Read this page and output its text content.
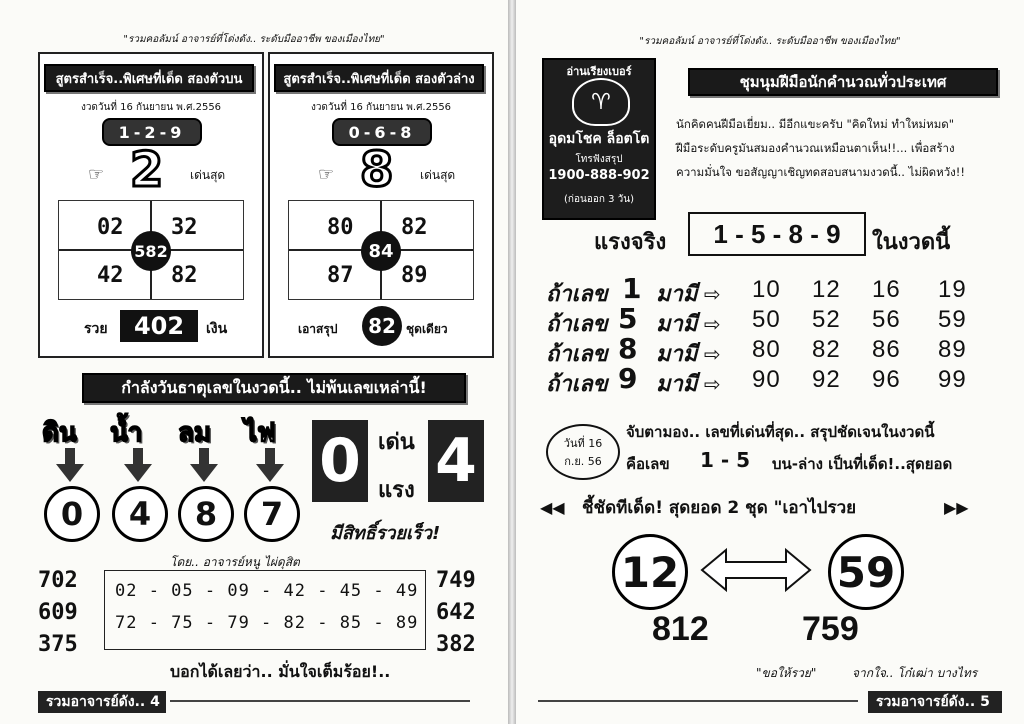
"รวมคอลัมน์ อาจารย์ที่โด่งดัง.. ระดับมืออาชีพ ของเมืองไทย"
สูตรสำเร็จ..พิเศษที่เด็ด สองตัวบน
งวดวันที่ 16 กันยายน พ.ศ.2556
1-2-9
☞ 2 เด่นสุด
02 32
42 82
582
รวย	402	เงิน
สูตรสำเร็จ..พิเศษที่เด็ด สองตัวล่าง
งวดวันที่ 16 กันยายน พ.ศ.2556
0-6-8
☞ 8 เด่นสุด
80 82
87 89
84
เอาสรุป	82 ชุดเดียว
กำลังวันธาตุเลขในงวดนี้.. ไม่พ้นเลขเหล่านี้!
ดิน น้ำ ลม ไฟ
0	4	8	7
0 เด่น
แรง 4
มีสิทธิ์รวยเร็ว!
โดย.. อาจารย์หนู ไผ่ดุสิต
702
609
375
02 - 05 - 09 - 42 - 45 - 49
72 - 75 - 79 - 82 - 85 - 89
749
642
382
บอกได้เลยว่า.. มั่นใจเต็มร้อย!..
รวมอาจารย์ดัง.. 4
"รวมคอลัมน์ อาจารย์ที่โด่งดัง.. ระดับมืออาชีพ ของเมืองไทย"
อ่านเรียงเบอร์
♈
อุดมโชค ล็อตโต
โทรฟังสรุป
1900-888-902
(ก่อนออก 3 วัน)
ชุมนุมฝีมือนักคำนวณทั่วประเทศ
นักคิดคนฝีมือเยี่ยม.. มีอีกแขะครับ "คิดใหม่ ทำใหม่หมด"
ฝีมือระดับครูมันสมองคำนวณเหมือนตาเห็น!!... เพื่อสร้าง
ความมั่นใจ ขอสัญญาเชิญทดสอบสนามงวดนี้.. ไม่ผิดหวัง!!
แรงจริง	1 - 5 - 8 - 9	ในงวดนี้
ถ้าเลข 1 มามี ⇨ 10 12 16 19
ถ้าเลข 5 มามี ⇨ 50 52 56 59
ถ้าเลข 8 มามี ⇨ 80 82 86 89
ถ้าเลข 9 มามี ⇨ 90 92 96 99
วันที่ 16
ก.ย. 56
จับตามอง.. เลขที่เด่นที่สุด.. สรุปชัดเจนในงวดนี้
คือเลข 1 - 5 บน-ล่าง เป็นที่เด็ด!..สุดยอด
◀◀ ชี้ชัดทีเด็ด! สุดยอด 2 ชุด "เอาไปรวย	▶▶
12	59
812	759
"ขอให้รวย"	จากใจ.. โก๋เฒ่า บางไทร
รวมอาจารย์ดัง.. 5
